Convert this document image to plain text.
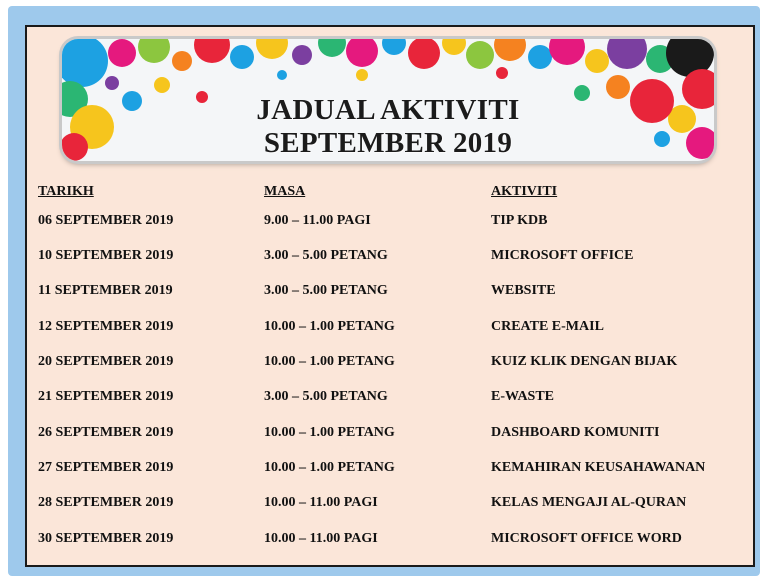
JADUAL AKTIVITI
SEPTEMBER 2019
TARIKH	MASA	AKTIVITI
06 SEPTEMBER 2019	9.00 – 11.00 PAGI	TIP KDB
10 SEPTEMBER 2019	3.00 – 5.00 PETANG	MICROSOFT OFFICE
11 SEPTEMBER 2019	3.00 – 5.00 PETANG	WEBSITE
12 SEPTEMBER 2019	10.00 – 1.00 PETANG	CREATE E-MAIL
20 SEPTEMBER 2019	10.00 – 1.00 PETANG	KUIZ KLIK DENGAN BIJAK
21 SEPTEMBER 2019	3.00 – 5.00 PETANG	E-WASTE
26 SEPTEMBER 2019	10.00 – 1.00 PETANG	DASHBOARD KOMUNITI
27 SEPTEMBER 2019	10.00 – 1.00 PETANG	KEMAHIRAN KEUSAHAWANAN
28 SEPTEMBER 2019	10.00 – 11.00 PAGI	KELAS MENGAJI AL-QURAN
30 SEPTEMBER 2019	10.00 – 11.00 PAGI	MICROSOFT OFFICE WORD
